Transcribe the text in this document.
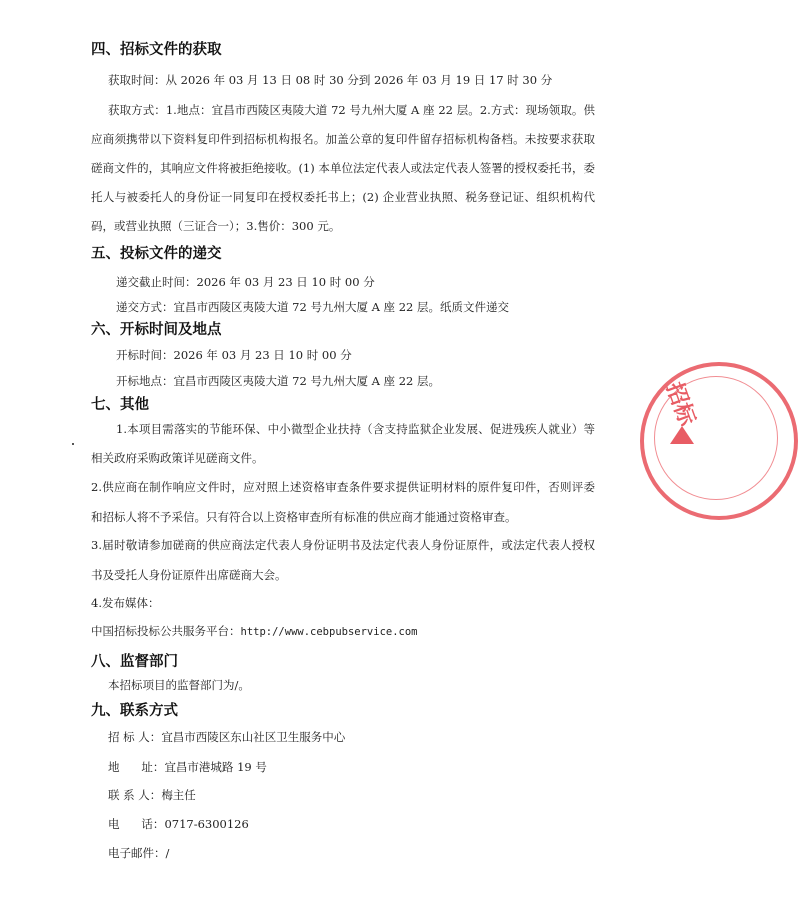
四、招标文件的获取
获取时间：从 2026 年 03 月 13 日 08 时 30 分到 2026 年 03 月 19 日 17 时 30 分
获取方式：1.地点：宜昌市西陵区夷陵大道 72 号九州大厦 A 座 22 层。2.方式：现场领取。供应商须携带以下资料复印件到招标机构报名。加盖公章的复印件留存招标机构备档。未按要求获取磋商文件的，其响应文件将被拒绝接收。(1) 本单位法定代表人或法定代表人签署的授权委托书，委托人与被委托人的身份证一同复印在授权委托书上；(2) 企业营业执照、税务登记证、组织机构代码，或营业执照（三证合一）；3.售价：300 元。
五、投标文件的递交
递交截止时间：2026 年 03 月 23 日 10 时 00 分
递交方式：宜昌市西陵区夷陵大道 72 号九州大厦 A 座 22 层。纸质文件递交
六、开标时间及地点
开标时间：2026 年 03 月 23 日 10 时 00 分
开标地点：宜昌市西陵区夷陵大道 72 号九州大厦 A 座 22 层。
七、其他
1.本项目需落实的节能环保、中小微型企业扶持（含支持监狱企业发展、促进残疾人就业）等相关政府采购政策详见磋商文件。
2.供应商在制作响应文件时，应对照上述资格审查条件要求提供证明材料的原件复印件，否则评委和招标人将不予采信。只有符合以上资格审查所有标准的供应商才能通过资格审查。
3.届时敬请参加磋商的供应商法定代表人身份证明书及法定代表人身份证原件，或法定代表人授权书及受托人身份证原件出席磋商大会。
4.发布媒体：
中国招标投标公共服务平台：http://www.cebpubservice.com
八、监督部门
本招标项目的监督部门为/。
九、联系方式
招 标 人：宜昌市西陵区东山社区卫生服务中心
地      址：宜昌市港城路 19 号
联 系 人：梅主任
电      话：0717-6300126
电子邮件：/
招标
